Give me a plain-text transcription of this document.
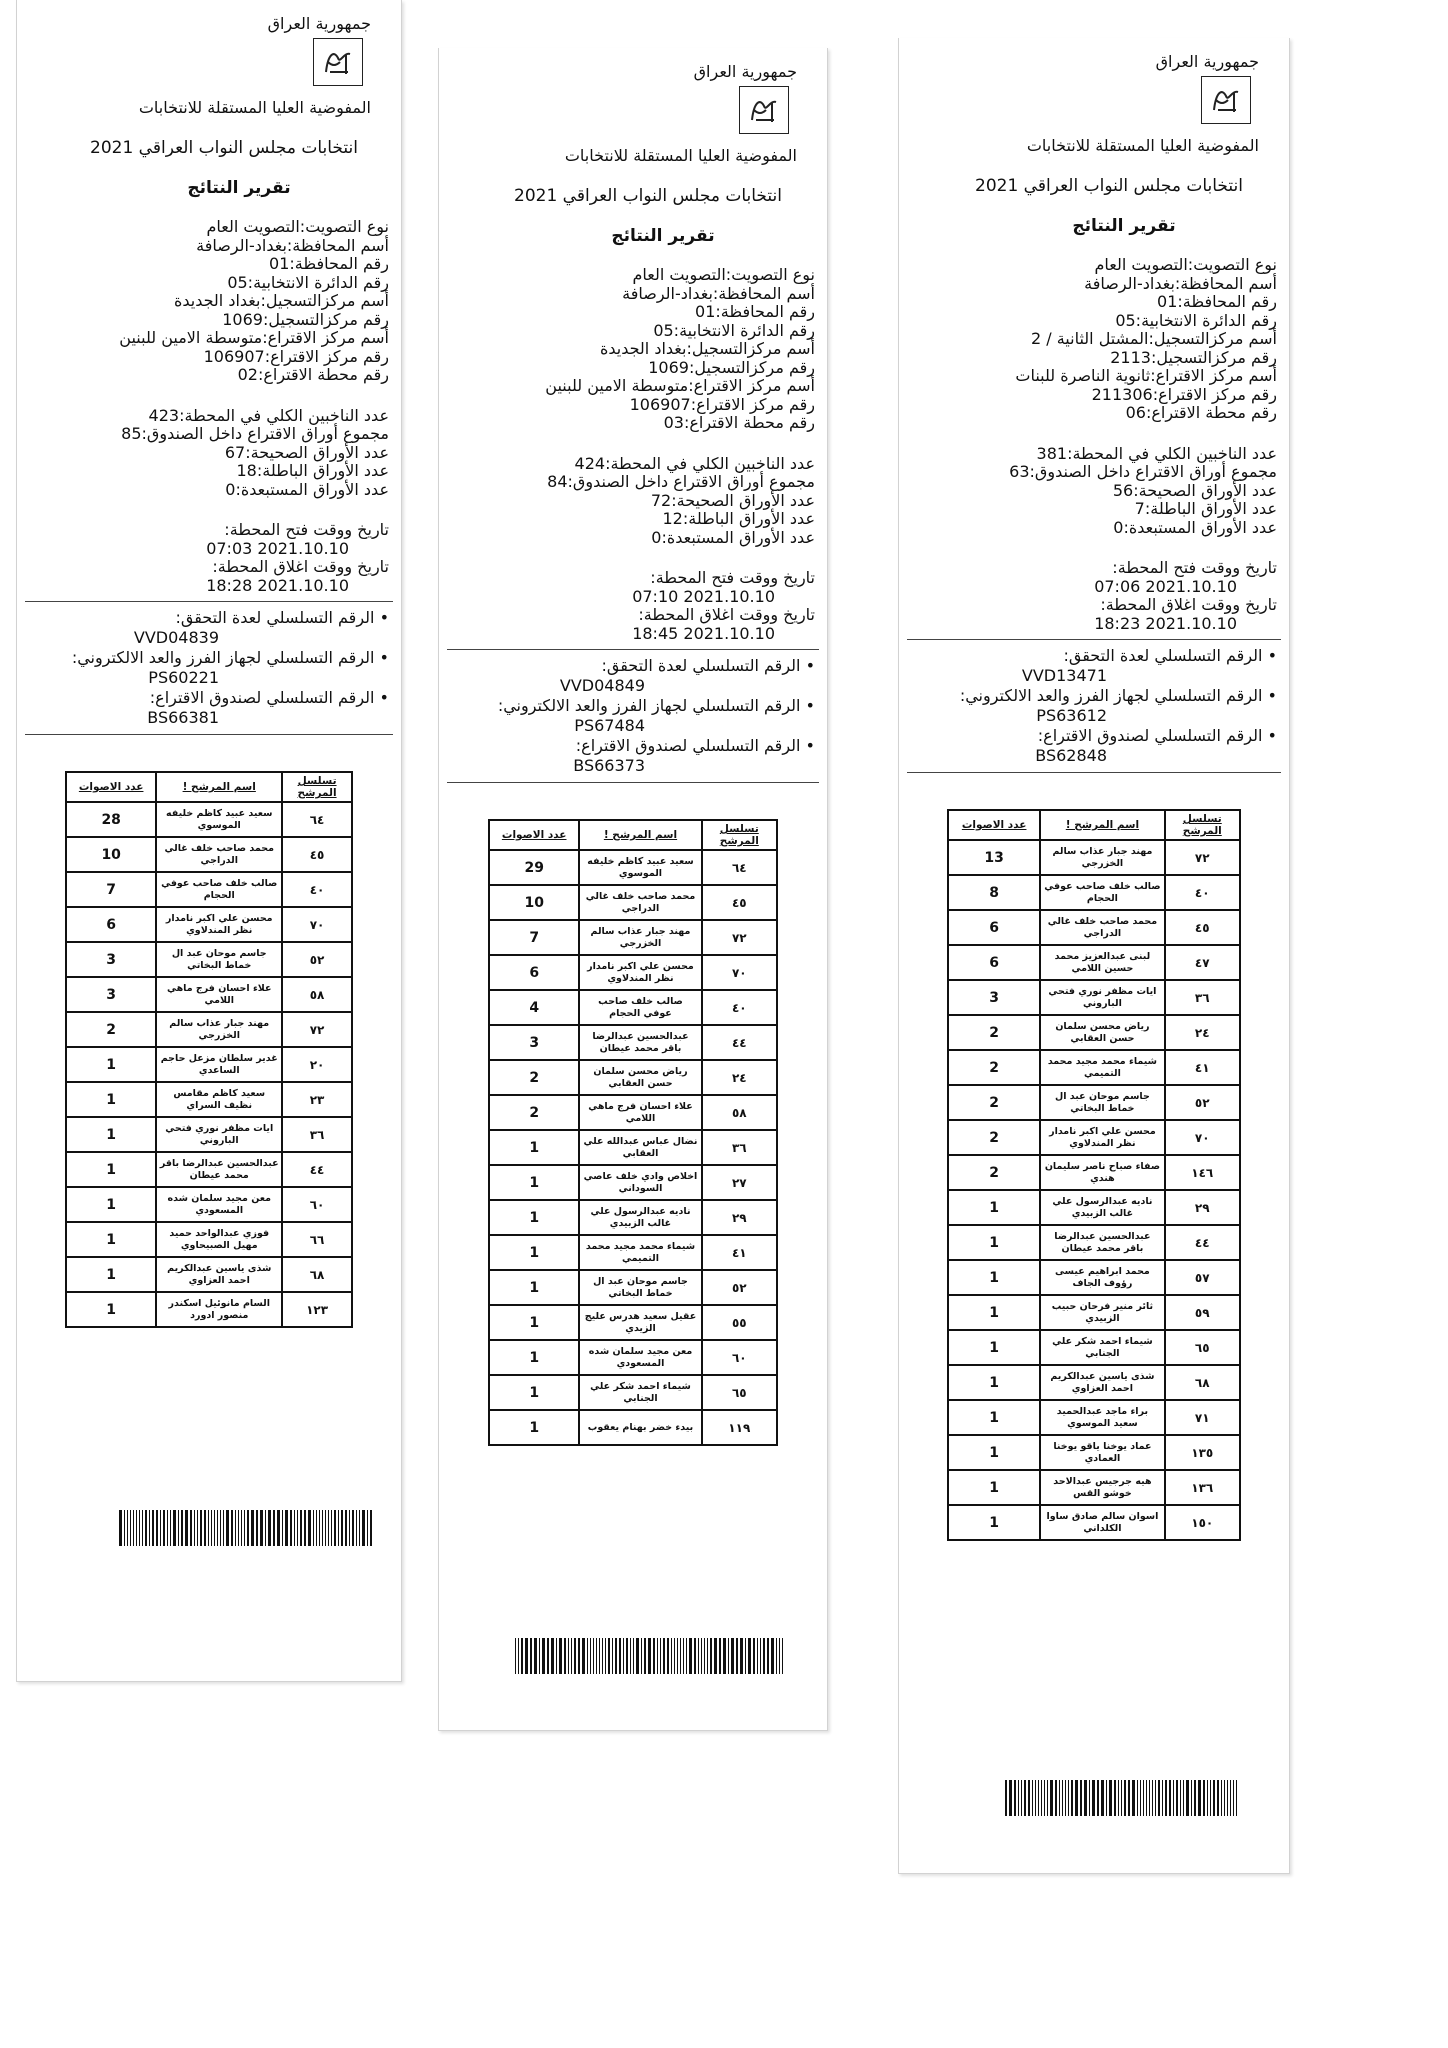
جمهورية العراق

المفوضية العليا المستقلة للانتخابات

انتخابات مجلس النواب العراقي 2021

تقرير النتائج

نوع التصويت:التصويت العام
أسم المحافظة:بغداد-الرصافة
رقم المحافظة:01
رقم الدائرة الانتخابية:05
أسم مركزالتسجيل:بغداد الجديدة
رقم مركزالتسجيل:1069
أسم مركز الاقتراع:متوسطة الامين للبنين
رقم مركز الاقتراع:106907
رقم محطة الاقتراع:02
عدد الناخبين الكلي في المحطة:423
مجموع أوراق الاقتراع داخل الصندوق:85
عدد الأوراق الصحيحة:67
عدد الأوراق الباطلة:18
عدد الأوراق المستبعدة:0
تاريخ ووقت فتح المحطة:
2021.10.10 07:03
تاريخ ووقت اغلاق المحطة:
2021.10.10 18:28
• الرقم التسلسلي لعدة التحقق:
VVD04839
• الرقم التسلسلي لجهاز الفرز والعد الالكتروني:
PS60221
• الرقم التسلسلي لصندوق الاقتراع:
BS66381
تسلسل المرشح	اسم المرشح !	عدد الاصوات
٦٤	سعيد عبيد كاظم خليفه الموسوي	28
٤٥	محمد صاحب خلف غالي الدراجي	10
٤٠	صالب خلف صاحب عوفي الحجام	7
٧٠	محسن علي اكبر نامدار نظر المندلاوي	6
٥٢	جاسم موحان عبد ال خماط البخاتي	3
٥٨	علاء احسان فرج ماهي اللامي	3
٧٢	مهند جبار عذاب سالم الخزرجي	2
٢٠	غدير سلطان مزعل حاجم الساعدي	1
٢٣	سعيد كاظم مقامس نظيف السراي	1
٣٦	ايات مظفر نوري فتحي الباروني	1
٤٤	عبدالحسين عبدالرضا باقر محمد عيطان	1
٦٠	معن مجيد سلمان شده المسعودي	1
٦٦	فوزي عبدالواحد حميد مهيل الصبيحاوي	1
٦٨	شذى ياسين عبدالكريم احمد العزاوي	1
١٢٣	السام مانوئيل اسكندر منصور ادورد	1

جمهورية العراق

المفوضية العليا المستقلة للانتخابات

انتخابات مجلس النواب العراقي 2021

تقرير النتائج

نوع التصويت:التصويت العام
أسم المحافظة:بغداد-الرصافة
رقم المحافظة:01
رقم الدائرة الانتخابية:05
أسم مركزالتسجيل:بغداد الجديدة
رقم مركزالتسجيل:1069
أسم مركز الاقتراع:متوسطة الامين للبنين
رقم مركز الاقتراع:106907
رقم محطة الاقتراع:03
عدد الناخبين الكلي في المحطة:424
مجموع أوراق الاقتراع داخل الصندوق:84
عدد الأوراق الصحيحة:72
عدد الأوراق الباطلة:12
عدد الأوراق المستبعدة:0
تاريخ ووقت فتح المحطة:
2021.10.10 07:10
تاريخ ووقت اغلاق المحطة:
2021.10.10 18:45
• الرقم التسلسلي لعدة التحقق:
VVD04849
• الرقم التسلسلي لجهاز الفرز والعد الالكتروني:
PS67484
• الرقم التسلسلي لصندوق الاقتراع:
BS66373
تسلسل المرشح	اسم المرشح !	عدد الاصوات
٦٤	سعيد عبيد كاظم خليفه الموسوي	29
٤٥	محمد صاحب خلف غالي الدراجي	10
٧٢	مهند جبار عذاب سالم الخزرجي	7
٧٠	محسن علي اكبر نامدار نظر المندلاوي	6
٤٠	صالب خلف صاحب عوفي الحجام	4
٤٤	عبدالحسين عبدالرضا باقر محمد عيطان	3
٢٤	رياض محسن سلمان حسن العقابي	2
٥٨	علاء احسان فرج ماهي اللامي	2
٣٦	نضال عباس عبدالله علي العقابي	1
٢٧	اخلاص وادي خلف عاصي السوداني	1
٢٩	ناديه عبدالرسول علي غالب الزبيدي	1
٤١	شيماء محمد مجيد محمد التميمي	1
٥٢	جاسم موحان عبد ال خماط البخاتي	1
٥٥	عقيل سعيد هدرس عليج الزيدي	1
٦٠	معن مجيد سلمان شده المسعودي	1
٦٥	شيماء احمد شكر علي الجنابي	1
١١٩	بيدء خضر بهنام يعقوب	1

جمهورية العراق

المفوضية العليا المستقلة للانتخابات

انتخابات مجلس النواب العراقي 2021

تقرير النتائج

نوع التصويت:التصويت العام
أسم المحافظة:بغداد-الرصافة
رقم المحافظة:01
رقم الدائرة الانتخابية:05
أسم مركزالتسجيل:المشتل الثانية / 2
رقم مركزالتسجيل:2113
أسم مركز الاقتراع:ثانوية الناصرة للبنات
رقم مركز الاقتراع:211306
رقم محطة الاقتراع:06
عدد الناخبين الكلي في المحطة:381
مجموع أوراق الاقتراع داخل الصندوق:63
عدد الأوراق الصحيحة:56
عدد الأوراق الباطلة:7
عدد الأوراق المستبعدة:0
تاريخ ووقت فتح المحطة:
2021.10.10 07:06
تاريخ ووقت اغلاق المحطة:
2021.10.10 18:23
• الرقم التسلسلي لعدة التحقق:
VVD13471
• الرقم التسلسلي لجهاز الفرز والعد الالكتروني:
PS63612
• الرقم التسلسلي لصندوق الاقتراع:
BS62848
تسلسل المرشح	اسم المرشح !	عدد الاصوات
٧٢	مهند جبار عذاب سالم الخزرجي	13
٤٠	صالب خلف صاحب عوفي الحجام	8
٤٥	محمد صاحب خلف غالي الدراجي	6
٤٧	لبنى عبدالعزيز محمد حسين اللامي	6
٣٦	ايات مظفر نوري فتحي الباروني	3
٢٤	رياض محسن سلمان حسن العقابي	2
٤١	شيماء محمد مجيد محمد التميمي	2
٥٢	جاسم موحان عبد ال خماط البخاتي	2
٧٠	محسن علي اكبر نامدار نظر المندلاوي	2
١٤٦	صفاء صباح ناصر سليمان هندي	2
٢٩	ناديه عبدالرسول علي غالب الزبيدي	1
٤٤	عبدالحسين عبدالرضا باقر محمد عيطان	1
٥٧	محمد ابراهيم عيسى رؤوف الجاف	1
٥٩	ثائر منير فرحان حبيب الزبيدي	1
٦٥	شيماء احمد شكر علي الجنابي	1
٦٨	شذى ياسين عبدالكريم احمد العزاوي	1
٧١	براء ماجد عبدالحميد سعيد الموسوي	1
١٣٥	عماد يوخنا ياقو يوخنا العمادي	1
١٣٦	هيه جرجيس عبدالاحد خوشو القس	1
١٥٠	اسوان سالم صادق ساوا الكلداني	1
